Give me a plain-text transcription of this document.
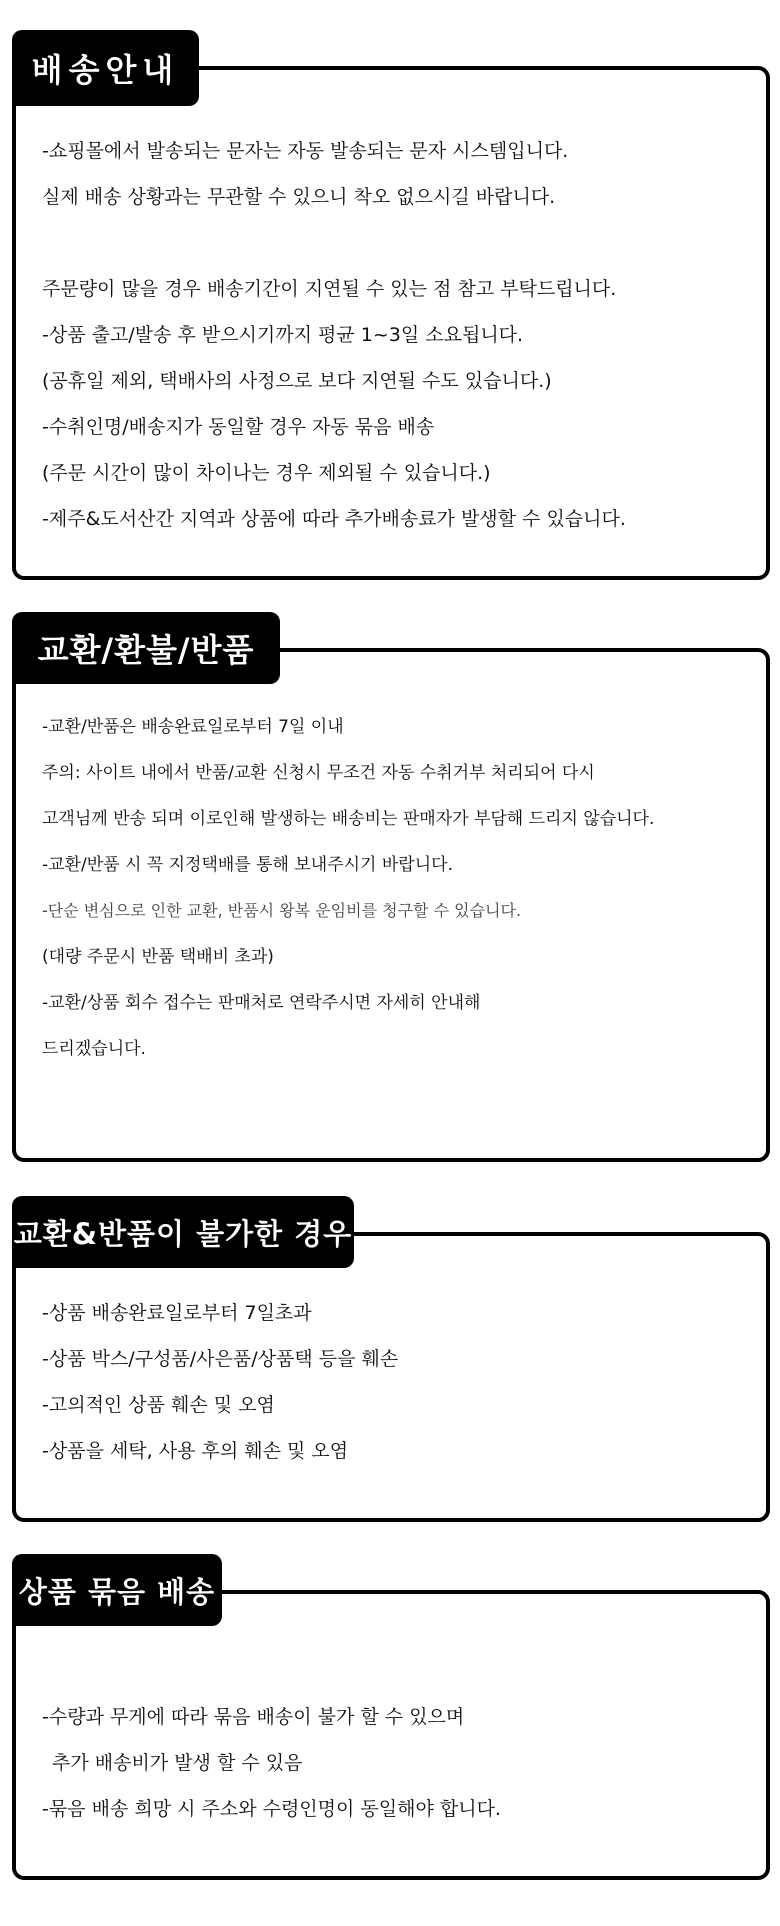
배송안내
-쇼핑몰에서 발송되는 문자는 자동 발송되는 문자 시스템입니다.
실제 배송 상황과는 무관할 수 있으니 착오 없으시길 바랍니다.
주문량이 많을 경우 배송기간이 지연될 수 있는 점 참고 부탁드립니다.
-상품 출고/발송 후 받으시기까지 평균 1~3일 소요됩니다.
(공휴일 제외, 택배사의 사정으로 보다 지연될 수도 있습니다.)
-수취인명/배송지가 동일할 경우 자동 묶음 배송
(주문 시간이 많이 차이나는 경우 제외될 수 있습니다.)
-제주&도서산간 지역과 상품에 따라 추가배송료가 발생할 수 있습니다.
교환/환불/반품
-교환/반품은 배송완료일로부터 7일 이내
주의: 사이트 내에서 반품/교환 신청시 무조건 자동 수취거부 처리되어 다시
고객님께 반송 되며 이로인해 발생하는 배송비는 판매자가 부담해 드리지 않습니다.
-교환/반품 시 꼭 지정택배를 통해 보내주시기 바랍니다.
-단순 변심으로 인한 교환, 반품시 왕복 운임비를 청구할 수 있습니다.
(대량 주문시 반품 택배비 초과)
-교환/상품 회수 접수는 판매처로 연락주시면 자세히 안내해
드리겠습니다.
교환&반품이 불가한 경우
-상품 배송완료일로부터 7일초과
-상품 박스/구성품/사은품/상품택 등을 훼손
-고의적인 상품 훼손 및 오염
-상품을 세탁, 사용 후의 훼손 및 오염
상품 묶음 배송
-수량과 무게에 따라 묶음 배송이 불가 할 수 있으며
추가 배송비가 발생 할 수 있음
-묶음 배송 희망 시 주소와 수령인명이 동일해야 합니다.
